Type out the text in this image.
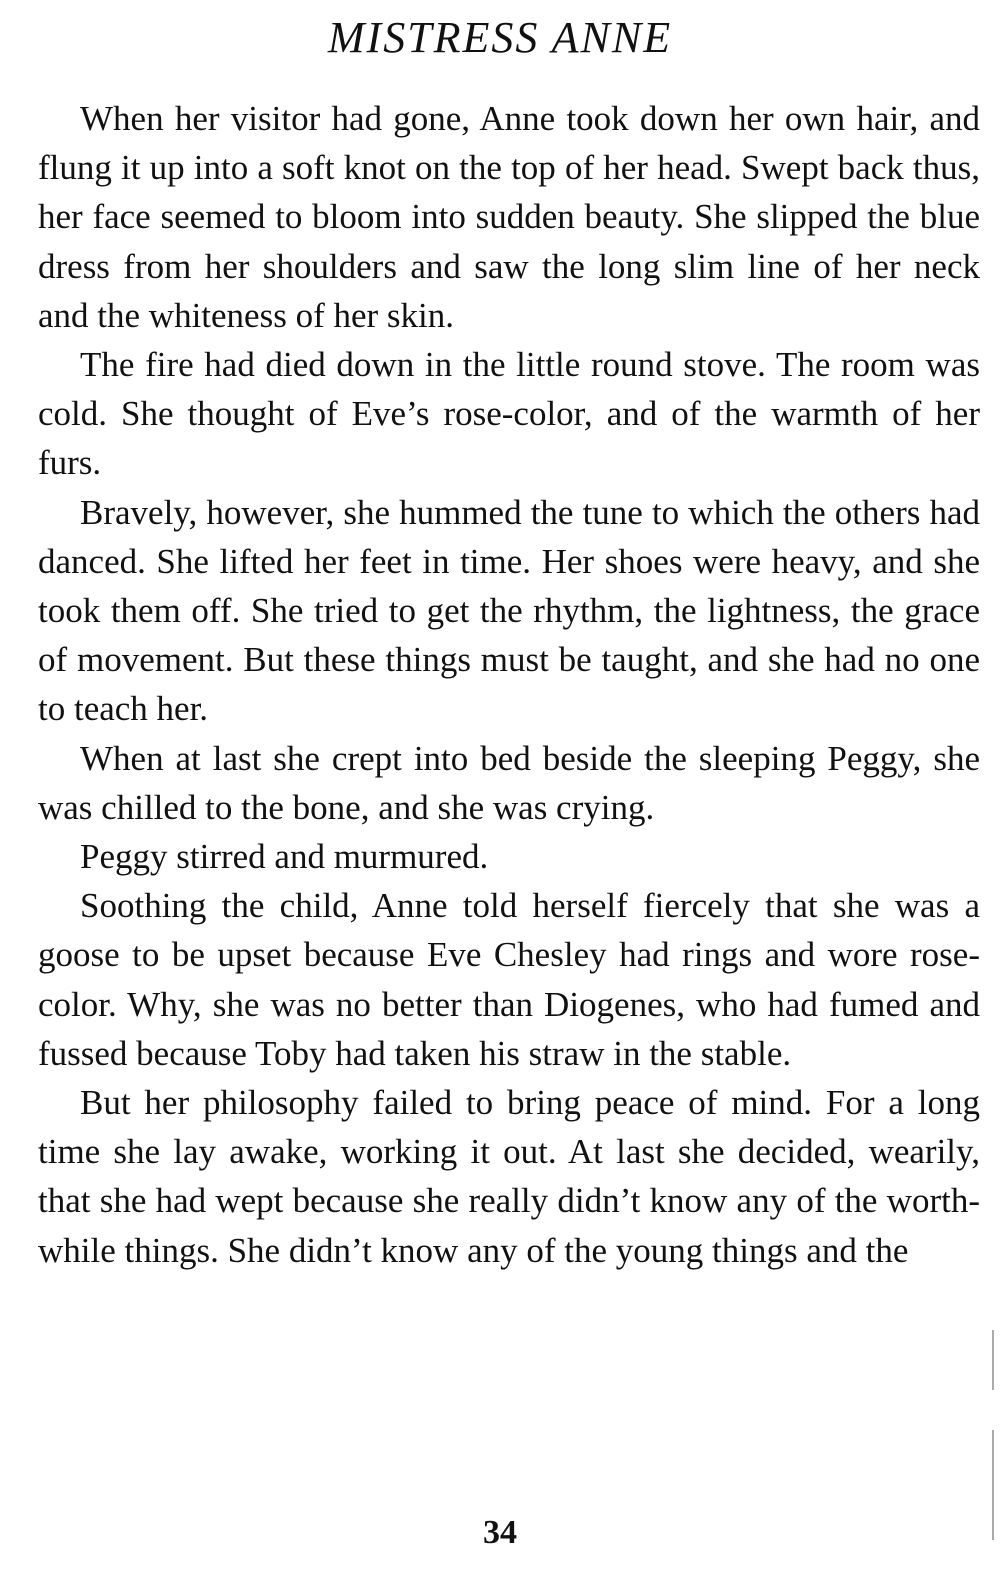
MISTRESS ANNE

When her visitor had gone, Anne took down her own hair, and flung it up into a soft knot on the top of her head. Swept back thus, her face seemed to bloom into sudden beauty. She slipped the blue dress from her shoulders and saw the long slim line of her neck and the whiteness of her skin.

The fire had died down in the little round stove. The room was cold. She thought of Eve’s rose-color, and of the warmth of her furs.

Bravely, however, she hummed the tune to which the others had danced. She lifted her feet in time. Her shoes were heavy, and she took them off. She tried to get the rhythm, the lightness, the grace of movement. But these things must be taught, and she had no one to teach her.

When at last she crept into bed beside the sleeping Peggy, she was chilled to the bone, and she was crying.

Peggy stirred and murmured.

Soothing the child, Anne told herself fiercely that she was a goose to be upset because Eve Chesley had rings and wore rose-color. Why, she was no better than Diogenes, who had fumed and fussed because Toby had taken his straw in the stable.

But her philosophy failed to bring peace of mind. For a long time she lay awake, working it out. At last she decided, wearily, that she had wept because she really didn’t know any of the worth-while things. She didn’t know any of the young things and the

34
